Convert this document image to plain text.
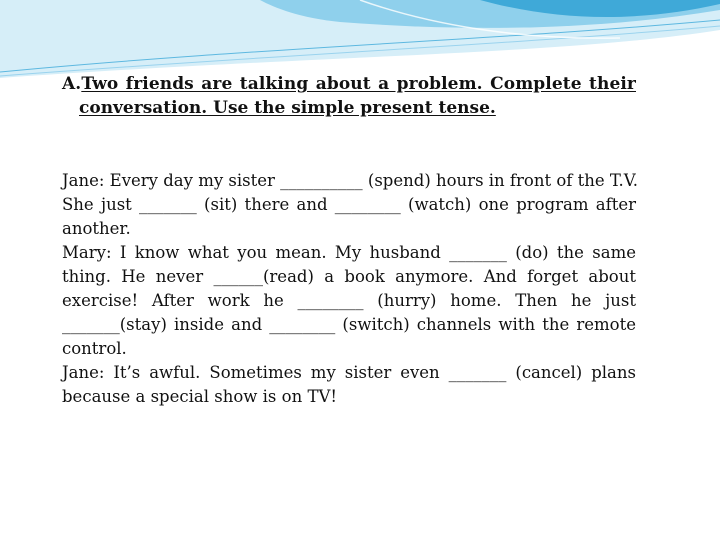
A.Two friends are talking about a problem. Complete their
conversation. Use the simple present tense.
Jane: Every day my sister __________ (spend) hours in front of the T.V.
She just _______ (sit) there and ________ (watch) one program after
another.
Mary: I know what you mean. My husband _______ (do) the same
thing. He never ______(read) a book anymore. And forget about
exercise! After work he ________ (hurry) home. Then he just
_______(stay) inside and ________ (switch) channels with the remote
control.
Jane: It’s awful. Sometimes my sister even _______ (cancel) plans
because a special show is on TV!
